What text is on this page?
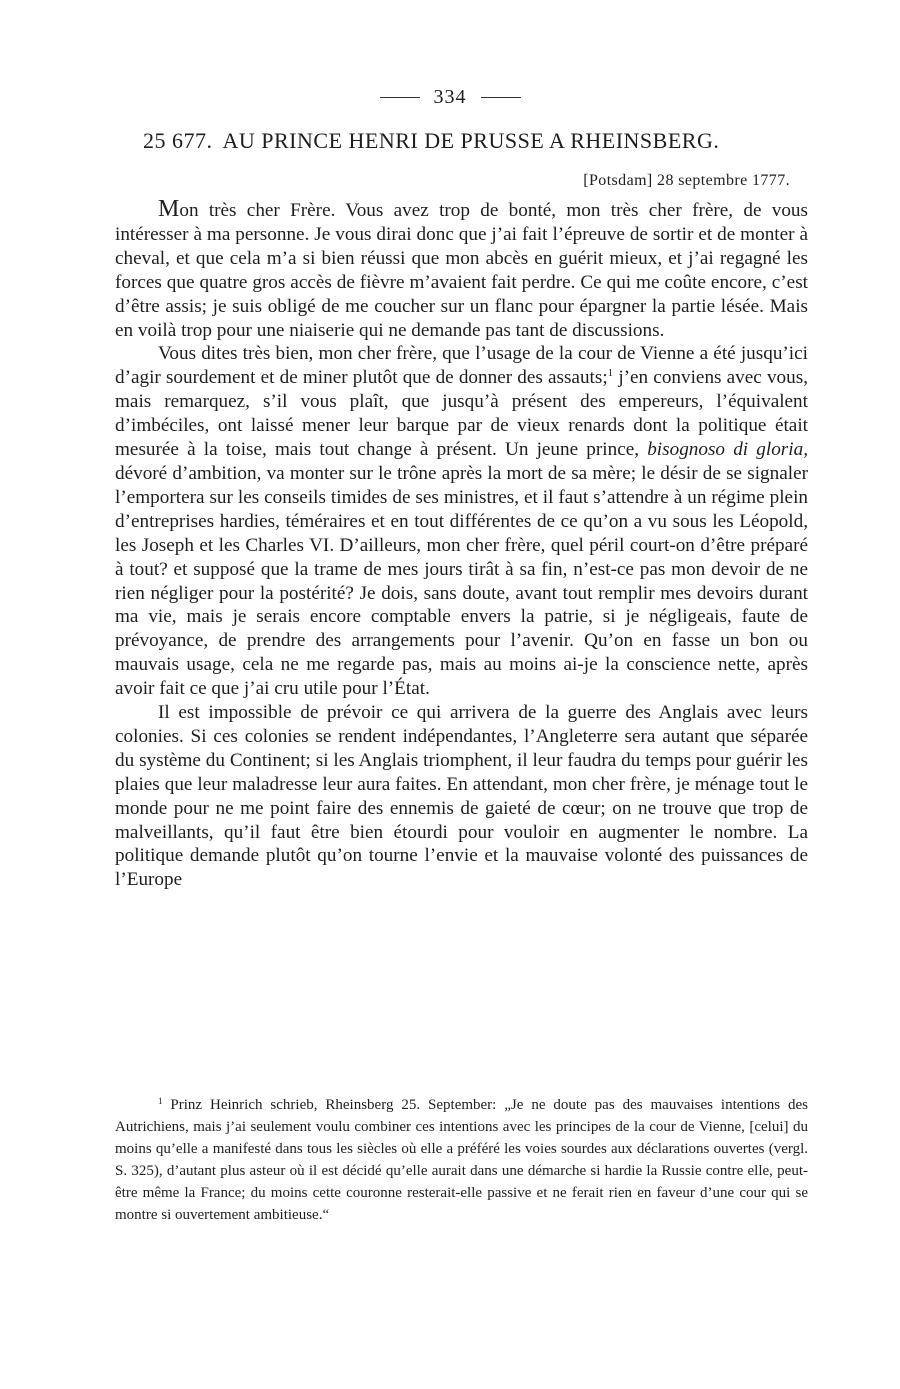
334
25 677. AU PRINCE HENRI DE PRUSSE A RHEINSBERG.
[Potsdam] 28 septembre 1777.

Mon très cher Frère. Vous avez trop de bonté, mon très cher frère, de vous intéresser à ma personne. Je vous dirai donc que j’ai fait l’épreuve de sortir et de monter à cheval, et que cela m’a si bien réussi que mon abcès en guérit mieux, et j’ai regagné les forces que quatre gros accès de fièvre m’avaient fait perdre. Ce qui me coûte encore, c’est d’être assis; je suis obligé de me coucher sur un flanc pour épargner la partie lésée. Mais en voilà trop pour une niaiserie qui ne demande pas tant de discussions.

Vous dites très bien, mon cher frère, que l’usage de la cour de Vienne a été jusqu’ici d’agir sourdement et de miner plutôt que de donner des assauts;$^1$ j’en conviens avec vous, mais remarquez, s’il vous plaît, que jusqu’à présent des empereurs, l’équivalent d’imbéciles, ont laissé mener leur barque par de vieux renards dont la politique était mesurée à la toise, mais tout change à présent. Un jeune prince, bisognoso di gloria, dévoré d’ambition, va monter sur le trône après la mort de sa mère; le désir de se signaler l’emportera sur les conseils timides de ses ministres, et il faut s’attendre à un régime plein d’entreprises hardies, téméraires et en tout différentes de ce qu’on a vu sous les Léopold, les Joseph et les Charles VI. D’ailleurs, mon cher frère, quel péril court-on d’être préparé à tout? et supposé que la trame de mes jours tirât à sa fin, n’est-ce pas mon devoir de ne rien négliger pour la postérité? Je dois, sans doute, avant tout remplir mes devoirs durant ma vie, mais je serais encore comptable envers la patrie, si je négligeais, faute de prévoyance, de prendre des arrangements pour l’avenir. Qu’on en fasse un bon ou mauvais usage, cela ne me regarde pas, mais au moins ai-je la conscience nette, après avoir fait ce que j’ai cru utile pour l’État.

Il est impossible de prévoir ce qui arrivera de la guerre des Anglais avec leurs colonies. Si ces colonies se rendent indépendantes, l’Angleterre sera autant que séparée du système du Continent; si les Anglais triomphent, il leur faudra du temps pour guérir les plaies que leur maladresse leur aura faites. En attendant, mon cher frère, je ménage tout le monde pour ne me point faire des ennemis de gaieté de cœur; on ne trouve que trop de malveillants, qu’il faut être bien étourdi pour vouloir en augmenter le nombre. La politique demande plutôt qu’on tourne l’envie et la mauvaise volonté des puissances de l’Europe

$^1$ Prinz Heinrich schrieb, Rheinsberg 25. September: „Je ne doute pas des mauvaises intentions des Autrichiens, mais j’ai seulement voulu combiner ces intentions avec les principes de la cour de Vienne, [celui] du moins qu’elle a manifesté dans tous les siècles où elle a préféré les voies sourdes aux déclarations ouvertes (vergl. S. 325), d’autant plus asteur où il est décidé qu’elle aurait dans une démarche si hardie la Russie contre elle, peut-être même la France; du moins cette couronne resterait-elle passive et ne ferait rien en faveur d’une cour qui se montre si ouvertement ambitieuse.“
